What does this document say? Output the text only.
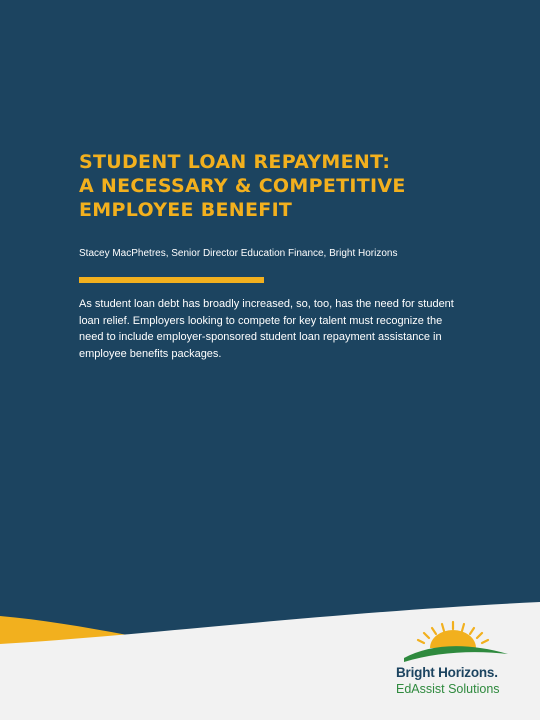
STUDENT LOAN REPAYMENT:
A NECESSARY & COMPETITIVE
EMPLOYEE BENEFIT
Stacey MacPhetres, Senior Director Education Finance, Bright Horizons

As student loan debt has broadly increased, so, too, has the need for student loan relief. Employers looking to compete for key talent must recognize the need to include employer-sponsored student loan repayment assistance in employee benefits packages.

Bright Horizons.
EdAssist Solutions
